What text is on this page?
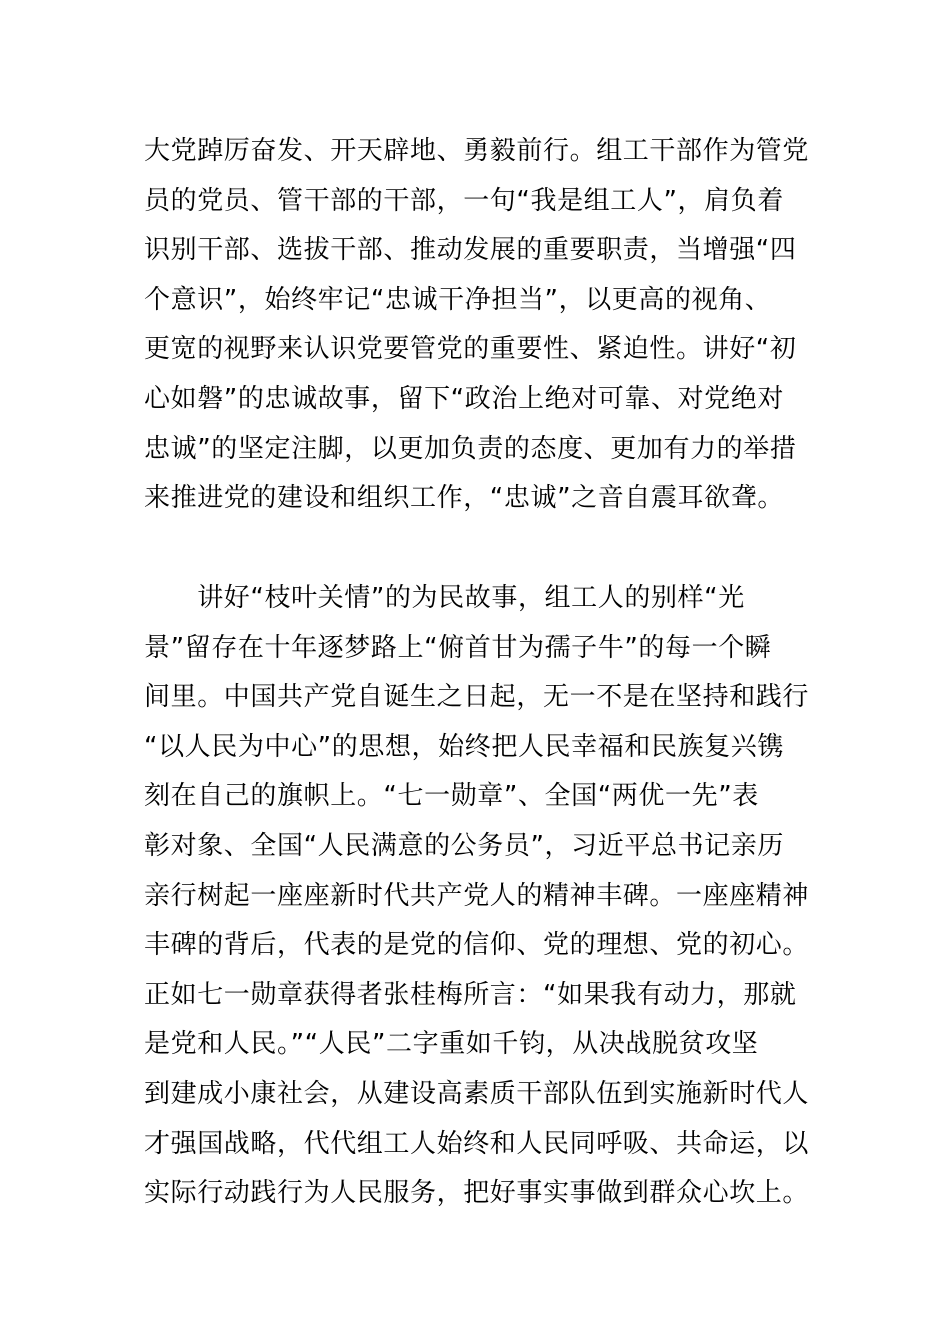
大党踔厉奋发、开天辟地、勇毅前行。组工干部作为管党
员的党员、管干部的干部，一句“我是组工人”，肩负着
识别干部、选拔干部、推动发展的重要职责，当增强“四
个意识”，始终牢记“忠诚干净担当”，以更高的视角、
更宽的视野来认识党要管党的重要性、紧迫性。讲好“初
心如磐”的忠诚故事，留下“政治上绝对可靠、对党绝对
忠诚”的坚定注脚，以更加负责的态度、更加有力的举措
来推进党的建设和组织工作，“忠诚”之音自震耳欲聋。
　　讲好“枝叶关情”的为民故事，组工人的别样“光
景”留存在十年逐梦路上“俯首甘为孺子牛”的每一个瞬
间里。中国共产党自诞生之日起，无一不是在坚持和践行
“以人民为中心”的思想，始终把人民幸福和民族复兴镌
刻在自己的旗帜上。“七一勋章”、全国“两优一先”表
彰对象、全国“人民满意的公务员”，习近平总书记亲历
亲行树起一座座新时代共产党人的精神丰碑。一座座精神
丰碑的背后，代表的是党的信仰、党的理想、党的初心。
正如七一勋章获得者张桂梅所言：“如果我有动力，那就
是党和人民。”“人民”二字重如千钧，从决战脱贫攻坚
到建成小康社会，从建设高素质干部队伍到实施新时代人
才强国战略，代代组工人始终和人民同呼吸、共命运，以
实际行动践行为人民服务，把好事实事做到群众心坎上。
